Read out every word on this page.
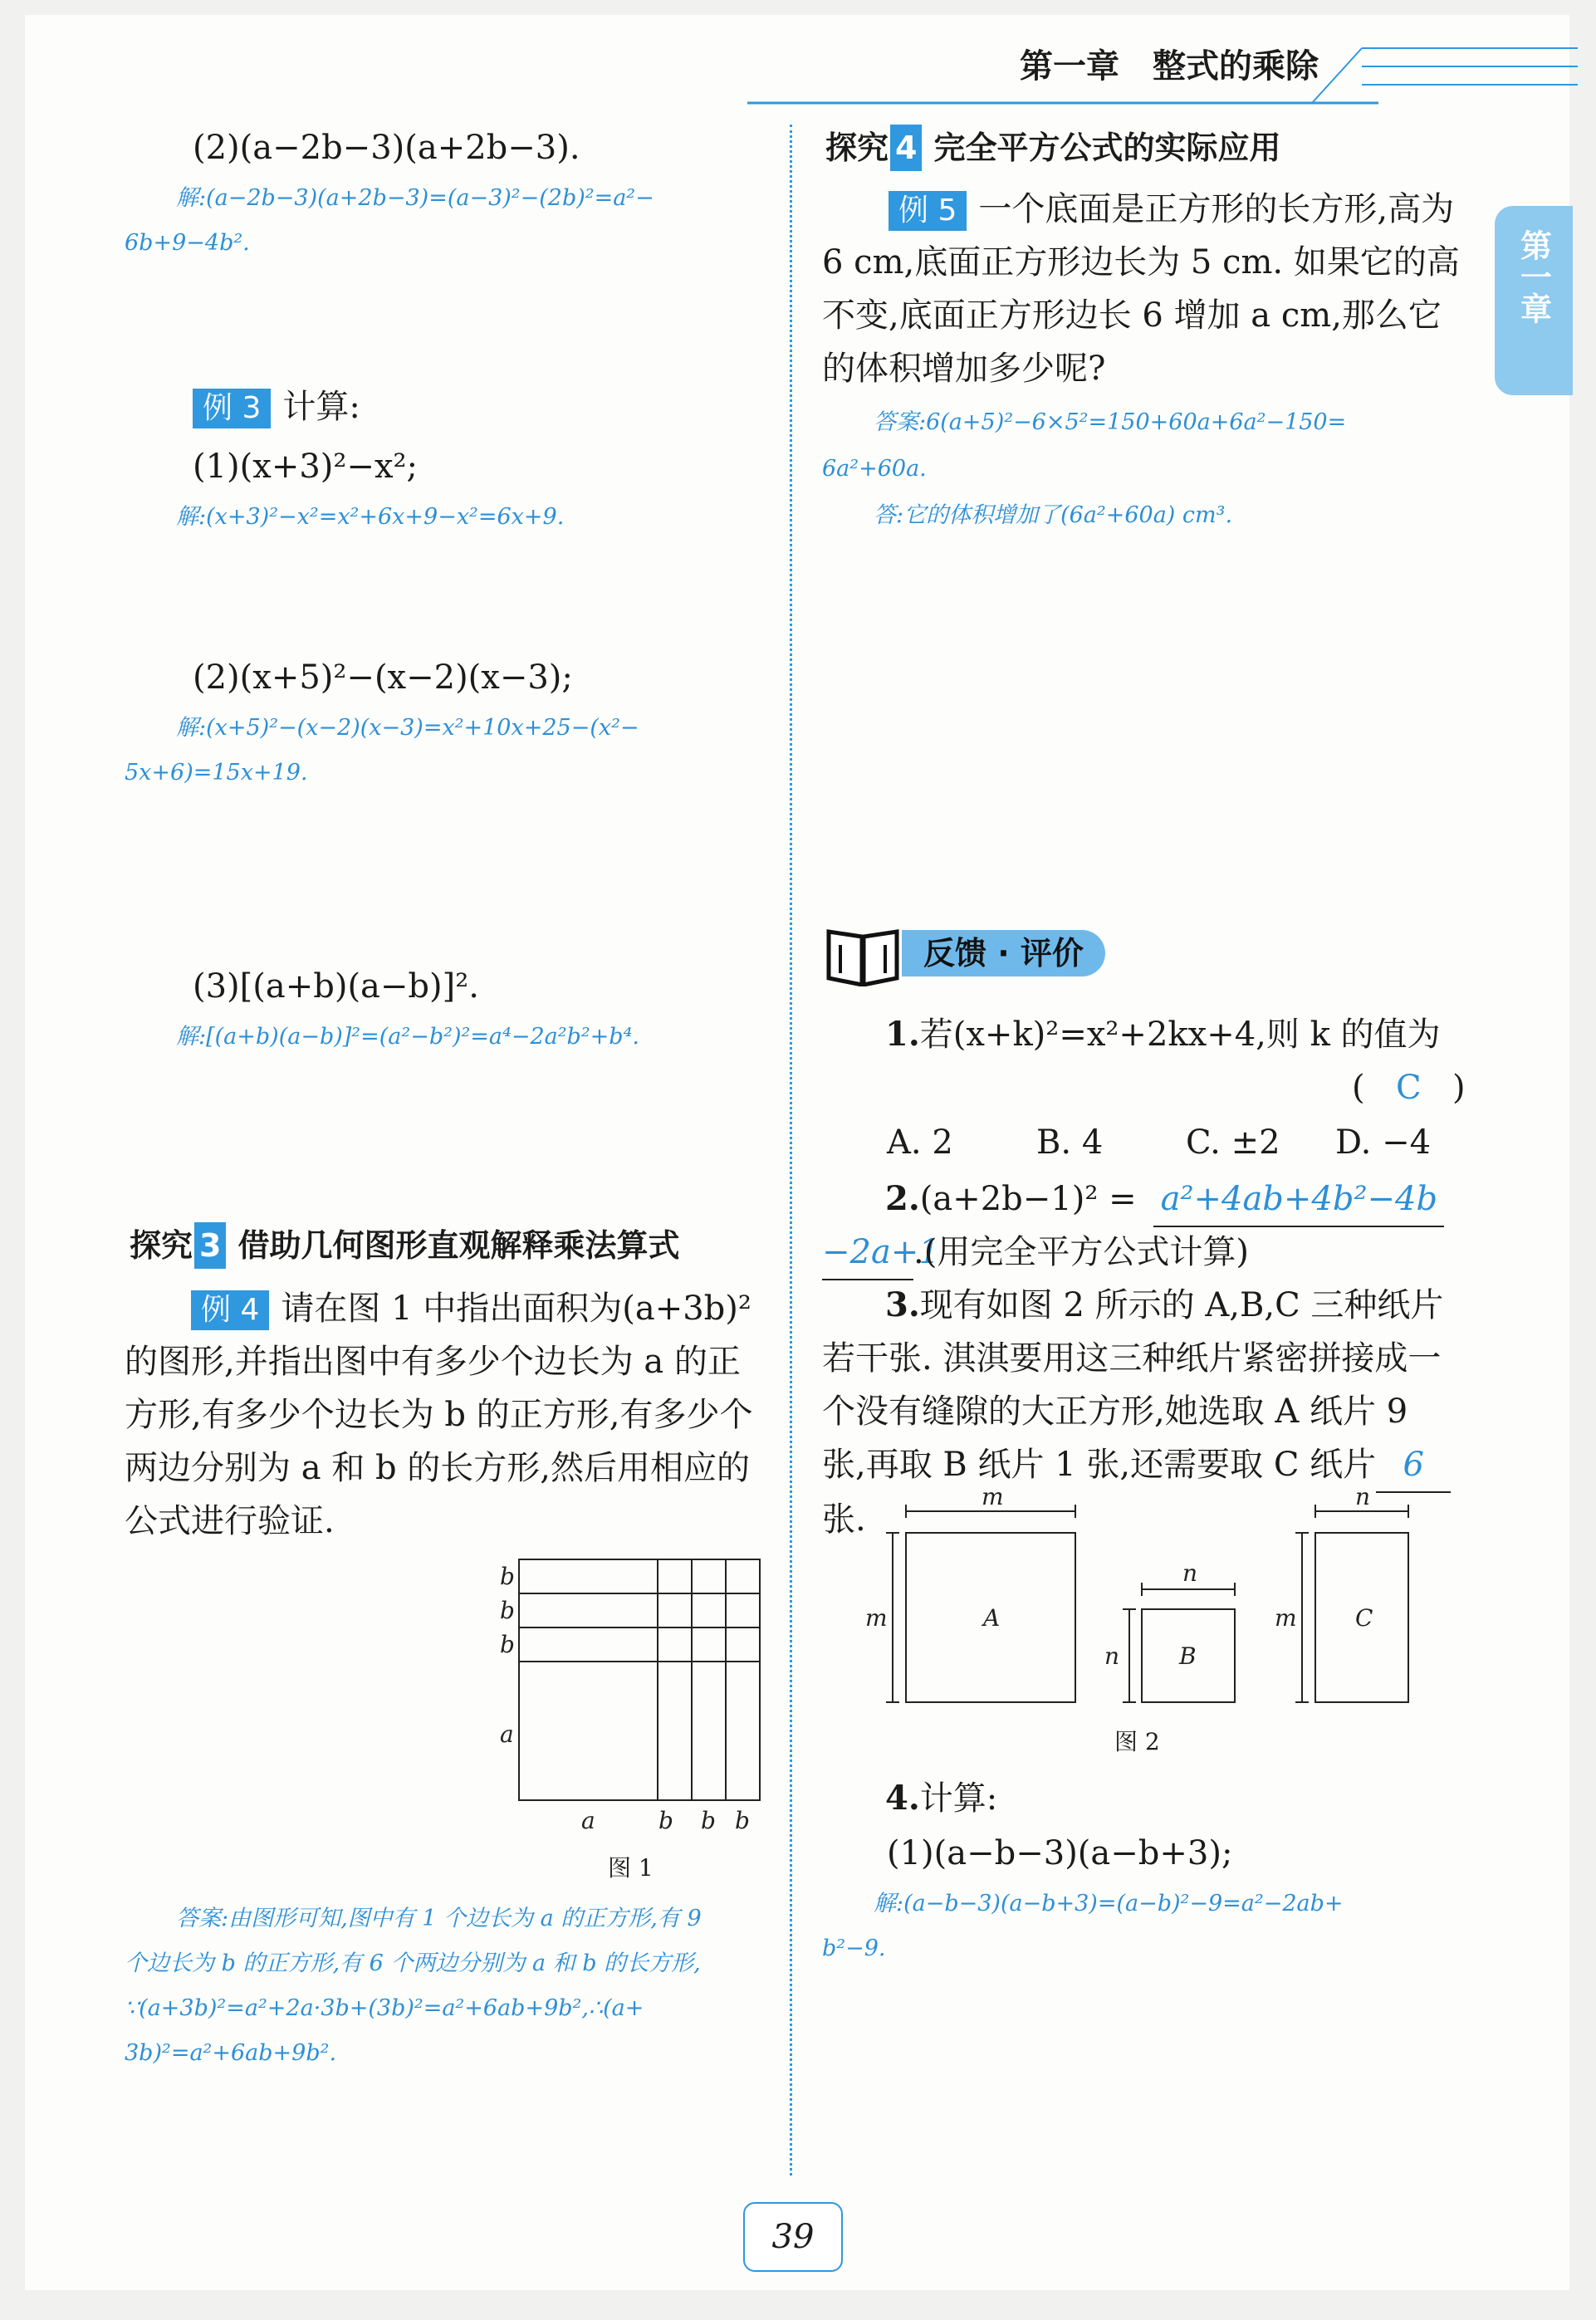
第一章 整式的乘除
第一章
(2)(a−2b−3)(a+2b−3).
解:(a−2b−3)(a+2b−3)=(a−3)²−(2b)²=a²−
6b+9−4b².
例 3 计算:
(1)(x+3)²−x²;
解:(x+3)²−x²=x²+6x+9−x²=6x+9.
(2)(x+5)²−(x−2)(x−3);
解:(x+5)²−(x−2)(x−3)=x²+10x+25−(x²−
5x+6)=15x+19.
(3)[(a+b)(a−b)]².
解:[(a+b)(a−b)]²=(a²−b²)²=a⁴−2a²b²+b⁴.
探究 3 借助几何图形直观解释乘法算式
例 4 请在图 1 中指出面积为(a+3b)²的图形,并指出图中有多少个边长为 a 的正方形,有多少个边长为 b 的正方形,有多少个两边分别为 a 和 b 的长方形,然后用相应的公式进行验证.
b
b
b
a
a	b b b
图 1
答案:由图形可知,图中有 1 个边长为 a 的正方形,有 9
个边长为 b 的正方形,有 6 个两边分别为 a 和 b 的长方形,
∵(a+3b)²=a²+2a·3b+(3b)²=a²+6ab+9b²,∴(a+
3b)²=a²+6ab+9b².
探究 4 完全平方公式的实际应用
例 5 一个底面是正方形的长方形,高为 6 cm,底面正方形边长为 5 cm. 如果它的高不变,底面正方形边长 6 增加 a cm,那么它的体积增加多少呢?
答案:6(a+5)²−6×5²=150+60a+6a²−150=
6a²+60a.
答:它的体积增加了(6a²+60a) cm³.
反馈 · 评价
1.若(x+k)²=x²+2kx+4,则 k 的值为
( C )
A. 2	B. 4 C. ±2 D. −4
2.(a+2b−1)² = a²+4ab+4b²−4b
−2a+1.(用完全平方公式计算)
3.现有如图 2 所示的 A,B,C 三种纸片若干张. 淇淇要用这三种纸片紧密拼接成一个没有缝隙的大正方形,她选取 A 纸片 9 张,再取 B 纸片 1 张,还需要取 C 纸片 6张.
m
m	A
n
n	B
n
m	C
图 2
4.计算:
(1)(a−b−3)(a−b+3);
解:(a−b−3)(a−b+3)=(a−b)²−9=a²−2ab+
b²−9.
39
